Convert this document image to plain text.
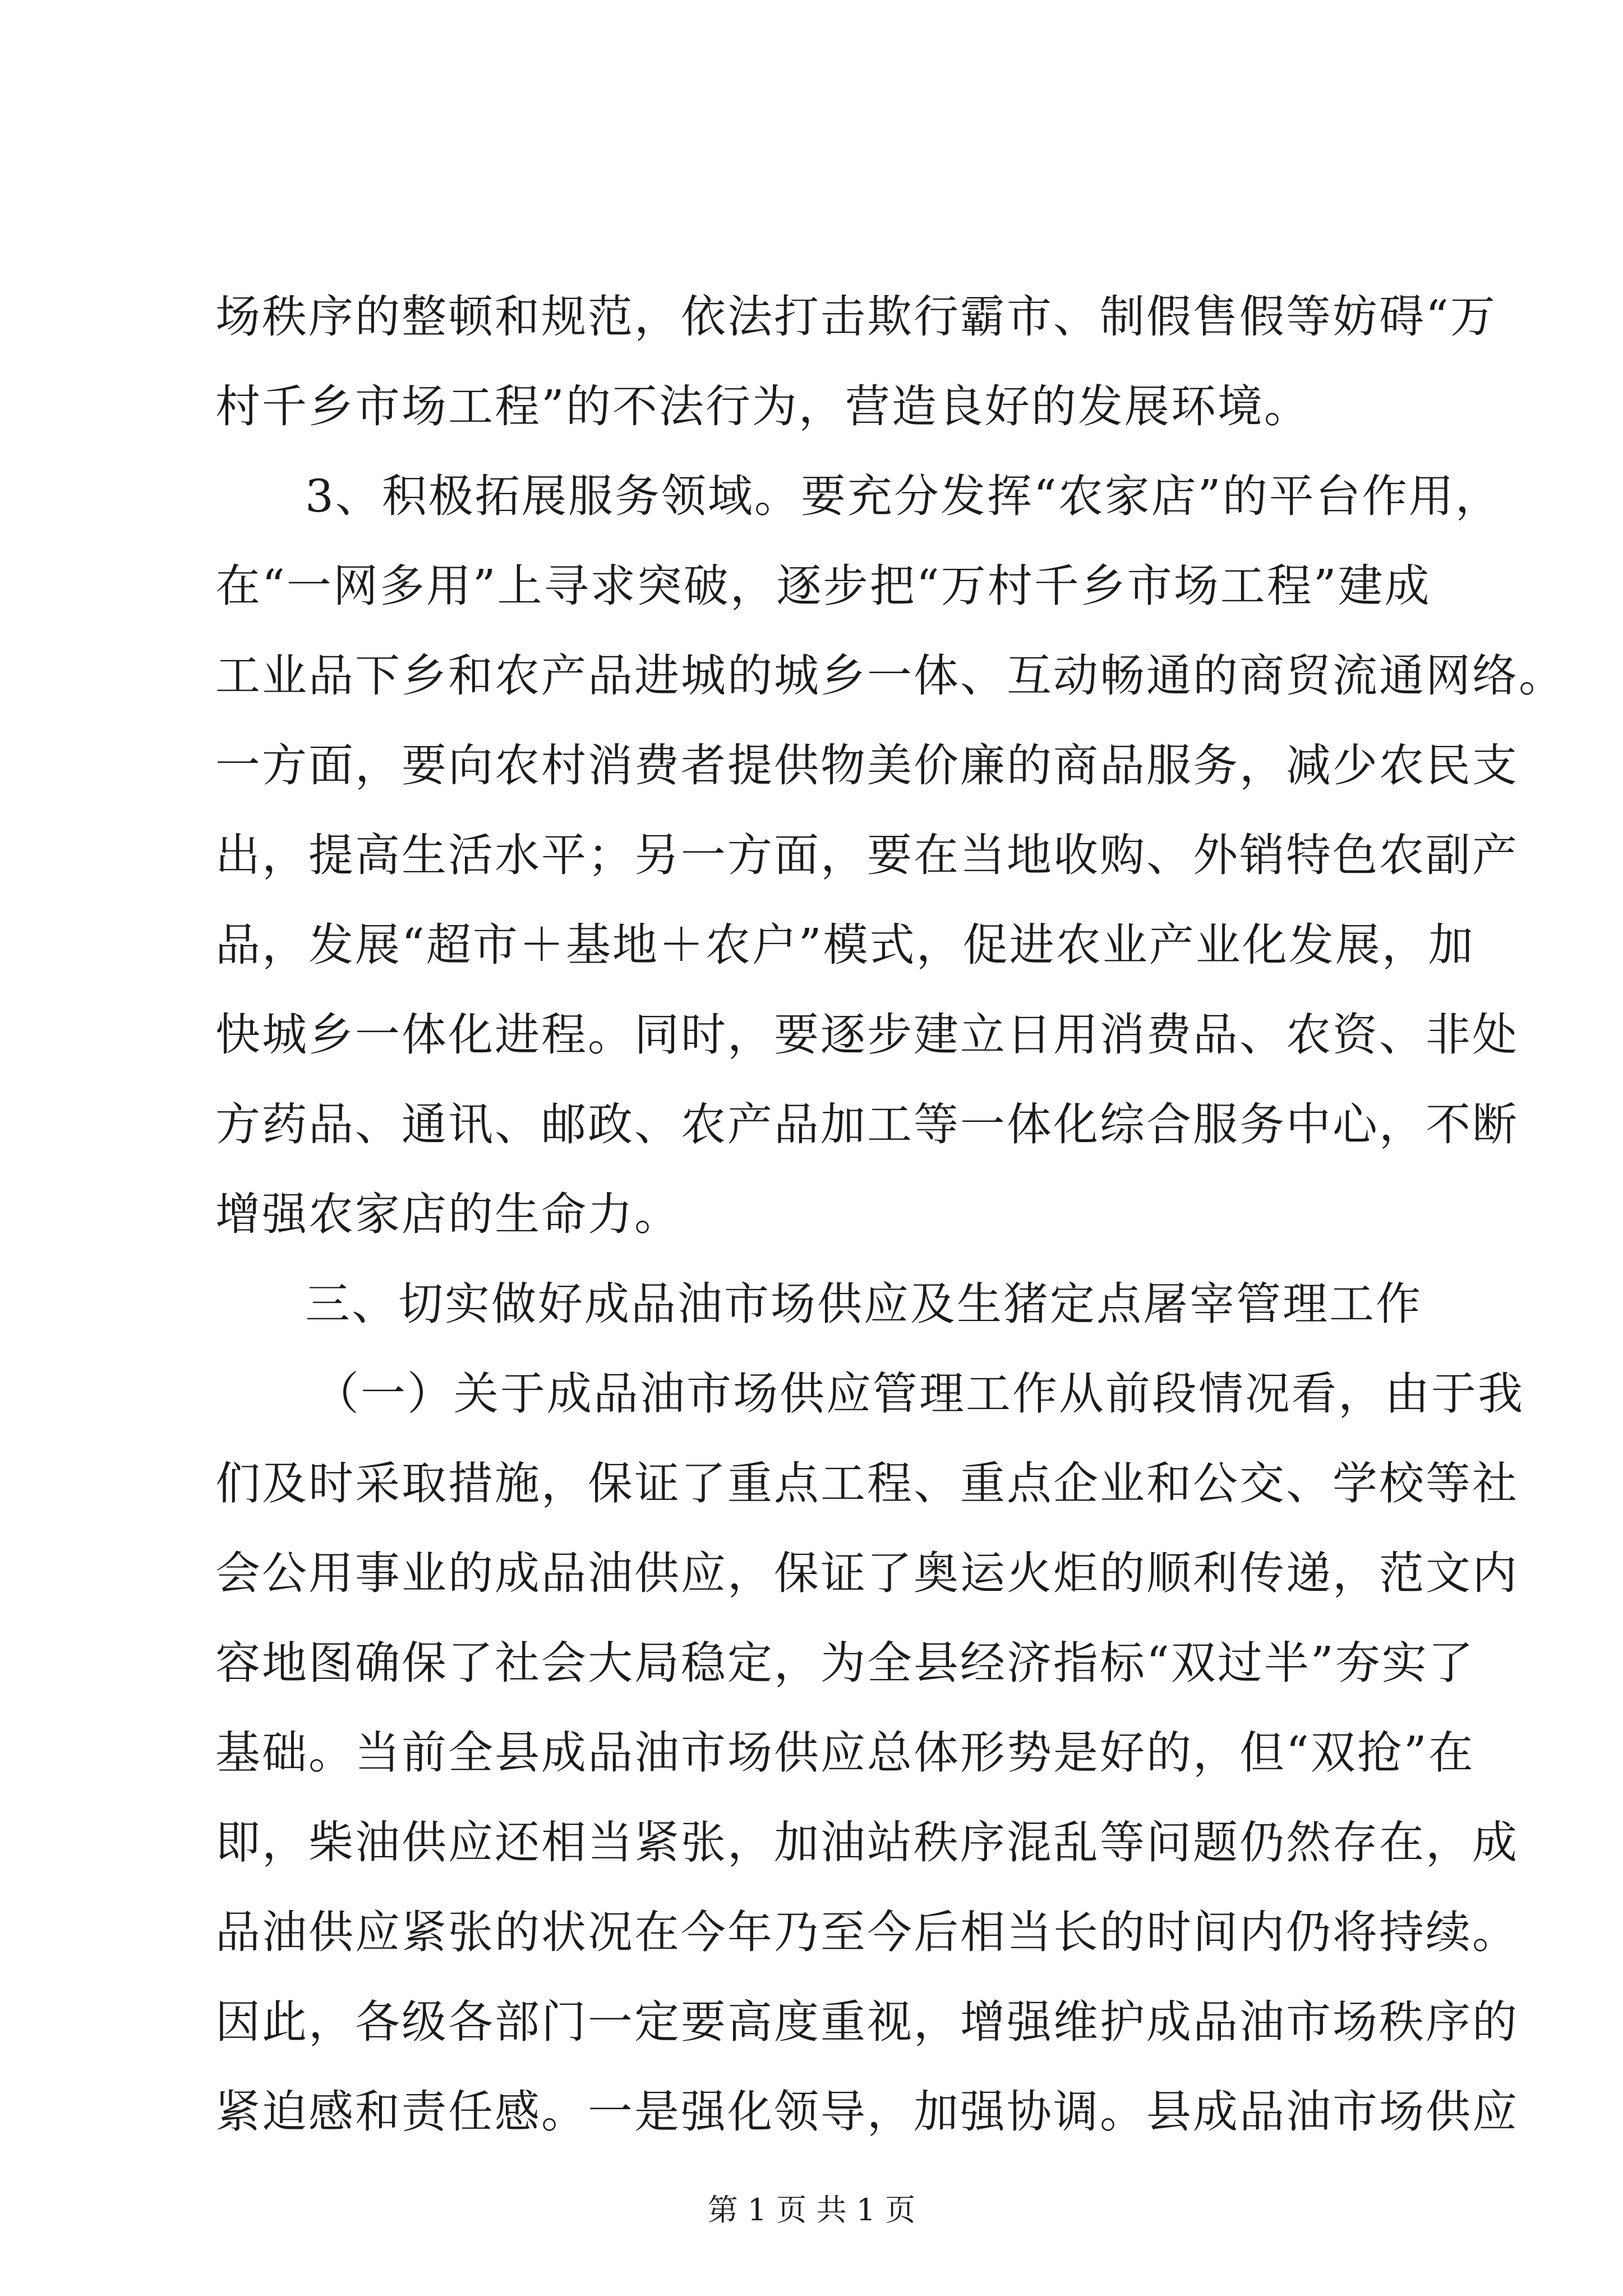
场秩序的整顿和规范，依法打击欺行霸市、制假售假等妨碍“万
村千乡市场工程”的不法行为，营造良好的发展环境。
3、积极拓展服务领域。要充分发挥“农家店”的平台作用，
在“一网多用”上寻求突破，逐步把“万村千乡市场工程”建成
工业品下乡和农产品进城的城乡一体、互动畅通的商贸流通网络。
一方面，要向农村消费者提供物美价廉的商品服务，减少农民支
出，提高生活水平；另一方面，要在当地收购、外销特色农副产
品，发展“超市＋基地＋农户”模式，促进农业产业化发展，加
快城乡一体化进程。同时，要逐步建立日用消费品、农资、非处
方药品、通讯、邮政、农产品加工等一体化综合服务中心，不断
增强农家店的生命力。
三、切实做好成品油市场供应及生猪定点屠宰管理工作
（一）关于成品油市场供应管理工作从前段情况看，由于我
们及时采取措施，保证了重点工程、重点企业和公交、学校等社
会公用事业的成品油供应，保证了奥运火炬的顺利传递，范文内
容地图确保了社会大局稳定，为全县经济指标“双过半”夯实了
基础。当前全县成品油市场供应总体形势是好的，但“双抢”在
即，柴油供应还相当紧张，加油站秩序混乱等问题仍然存在，成
品油供应紧张的状况在今年乃至今后相当长的时间内仍将持续。
因此，各级各部门一定要高度重视，增强维护成品油市场秩序的
紧迫感和责任感。一是强化领导，加强协调。县成品油市场供应
第 1 页 共 1 页
